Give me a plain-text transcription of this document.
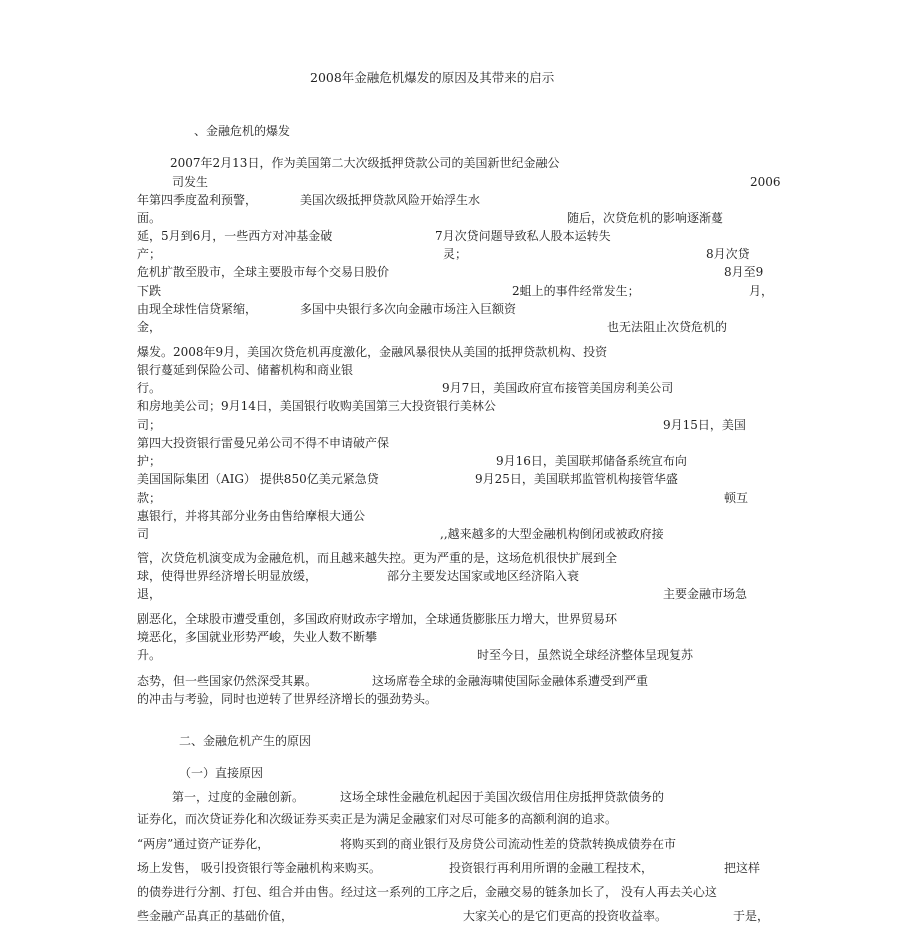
2008年金融危机爆发的原因及其带来的启示
、金融危机的爆发
2007年2月13日，作为美国第二大次级抵押贷款公司的美国新世纪金融公
司发生	2006
年第四季度盈利预警，	美国次级抵押贷款风险开始浮生水
面。	随后，次贷危机的影响逐渐蔓
延，5月到6月，一些西方对冲基金破	7月次贷问题导致私人股本运转失
产；	灵；	8月次贷
危机扩散至股市，全球主要股市每个交易日股价	8月至9
下跌	2蛆上的事件经常发生；	月，
由现全球性信贷紧缩，	多国中央银行多次向金融市场注入巨额资
金，	也无法阻止次贷危机的
爆发。2008年9月，美国次贷危机再度激化，金融风暴很快从美国的抵押贷款机构、投资
银行蔓延到保险公司、储蓄机构和商业银
行。	9月7日，美国政府宣布接管美国房利美公司
和房地美公司；9月14日，美国银行收购美国第三大投资银行美林公
司；	9月15日，美国
第四大投资银行雷曼兄弟公司不得不申请破产保
护；	9月16日，美国联邦储备系统宣布向
美国国际集团（AIG） 提供850亿美元紧急贷	9月25日，美国联邦监管机构接管华盛
款；	顿互
惠银行，并将其部分业务由售给摩根大通公
司	,,越来越多的大型金融机构倒闭或被政府接
管，次贷危机演变成为金融危机，而且越来越失控。更为严重的是，这场危机很快扩展到全
球，使得世界经济增长明显放缓，	部分主要发达国家或地区经济陷入衰
退，	主要金融市场急
剧恶化，全球股市遭受重创，多国政府财政赤字增加，全球通货膨胀压力增大，世界贸易环
境恶化，多国就业形势严峻，失业人数不断攀
升。	时至今日，虽然说全球经济整体呈现复苏
态势，但一些国家仍然深受其累。	这场席卷全球的金融海啸使国际金融体系遭受到严重
的冲击与考验，同时也逆转了世界经济增长的强劲势头。
二、金融危机产生的原因
（一）直接原因
第一，过度的金融创新。	这场全球性金融危机起因于美国次级信用住房抵押贷款债务的
证券化，而次贷证券化和次级证券买卖正是为满足金融家们对尽可能多的高额利润的追求。
“两房”通过资产证券化，	将购买到的商业银行及房贷公司流动性差的贷款转换成债券在市
场上发售， 吸引投资银行等金融机构来购买。	投资银行再利用所谓的金融工程技术，	把这样
的债券进行分割、打包、组合并由售。经过这一系列的工序之后，金融交易的链条加长了， 没有人再去关心这
些金融产品真正的基础价值，	大家关心的是它们更高的投资收益率。	于是，
